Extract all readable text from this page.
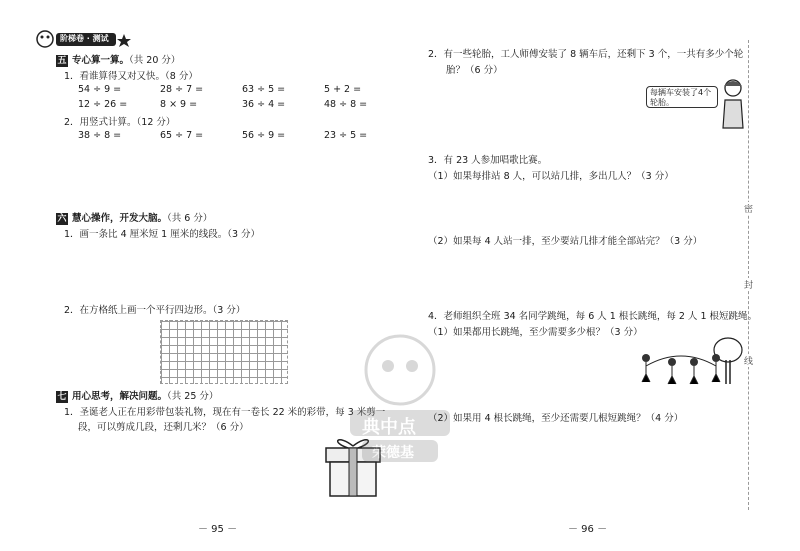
阶梯卷 · 测试
五 专心算一算。（共 20 分）
1．看谁算得又对又快。（8 分）
54 ÷ 9 =	28 ÷ 7 =	63 ÷ 5 =	5 + 2 =
12 ÷ 26 =	8 × 9 =	36 ÷ 4 =	48 ÷ 8 =
2．用竖式计算。（12 分）
38 ÷ 8 =	65 ÷ 7 =	56 ÷ 9 =	23 ÷ 5 =
六 慧心操作，开发大脑。（共 6 分）
1．画一条比 4 厘米短 1 厘米的线段。（3 分）
2．在方格纸上画一个平行四边形。（3 分）
七 用心思考，解决问题。（共 25 分）
1．圣诞老人正在用彩带包装礼物，现在有一卷长 22 米的彩带，每 3 米剪一
段，可以剪成几段，还剩几米？（6 分）
－ 95 －
典中点
荣德基
2．有一些轮胎，工人师傅安装了 8 辆车后，还剩下 3 个，一共有多少个轮
胎？（6 分）
每辆车安装了4个轮胎。
3．有 23 人参加唱歌比赛。
（1）如果每排站 8 人，可以站几排，多出几人？（3 分）
（2）如果每 4 人站一排，至少要站几排才能全部站完？（3 分）
4．老师组织全班 34 名同学跳绳，每 6 人 1 根长跳绳，每 2 人 1 根短跳绳。
（1）如果都用长跳绳，至少需要多少根？（3 分）
（2）如果用 4 根长跳绳，至少还需要几根短跳绳？（4 分）
－ 96 －
密
封
线
